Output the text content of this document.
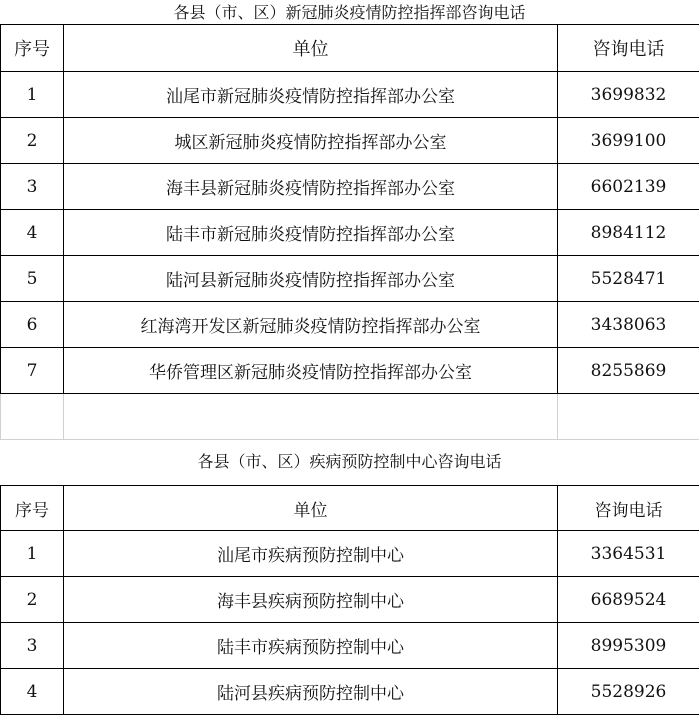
各县（市、区）新冠肺炎疫情防控指挥部咨询电话
序号	单位	咨询电话
1	汕尾市新冠肺炎疫情防控指挥部办公室	3699832
2	城区新冠肺炎疫情防控指挥部办公室	3699100
3	海丰县新冠肺炎疫情防控指挥部办公室	6602139
4	陆丰市新冠肺炎疫情防控指挥部办公室	8984112
5	陆河县新冠肺炎疫情防控指挥部办公室	5528471
6	红海湾开发区新冠肺炎疫情防控指挥部办公室	3438063
7	华侨管理区新冠肺炎疫情防控指挥部办公室	8255869

各县（市、区）疾病预防控制中心咨询电话
序号	单位	咨询电话
1	汕尾市疾病预防控制中心	3364531
2	海丰县疾病预防控制中心	6689524
3	陆丰市疾病预防控制中心	8995309
4	陆河县疾病预防控制中心	5528926
